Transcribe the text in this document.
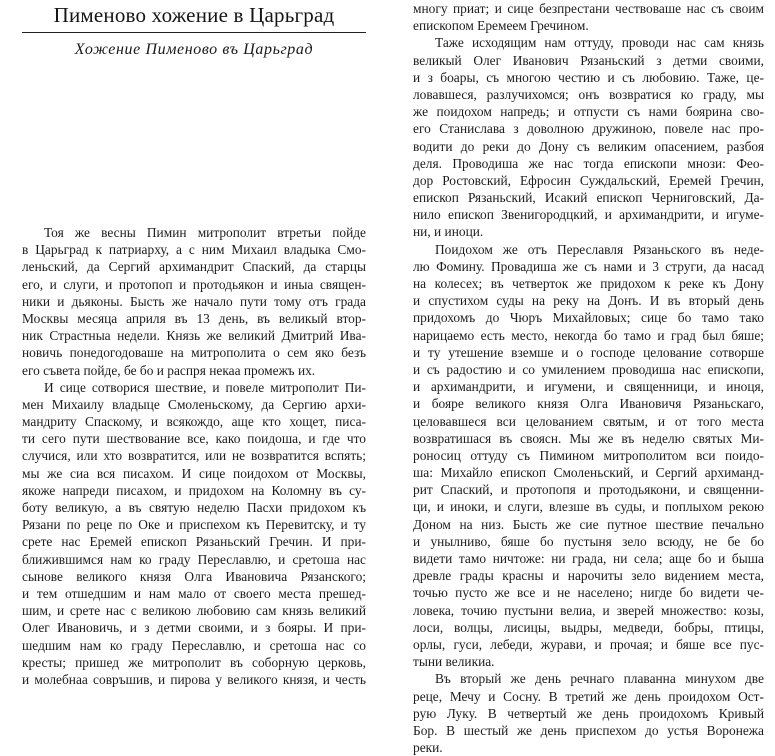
Пименово хожение в Царьград
Хожение Пименово въ Царьград
Тоя же весны Пимин митрополит втретьи пойде
в Царьград к патриарху, а с ним Михаил владыка Смо-
леньский, да Сергий архимандрит Спаский, да старцы
его, и слуги, и протопоп и протодьякон и иныа священ-
ники и дьяконы. Бысть же начало пути тому отъ града
Москвы месяца априля въ 13 день, въ великый втор-
ник Страстныа недели. Князь же великий Дмитрий Ива-
новичь понедогодоваше на митрополита о сем яко безъ
его съвета пойде, бе бо и распря некаа промежъ их.
И сице сотворися шествие, и повеле митрополит Пи-
мен Михаилу владыце Смоленьскому, да Сергию архи-
мандриту Спаскому, и всякождо, аще кто хощет, писа-
ти сего пути шествование все, како поидоша, и где что
случися, или хто возвратится, или не возвратится вспять;
мы же сиа вся писахом. И сице поидохом от Москвы,
якоже напреди писахом, и придохом на Коломну въ су-
боту великую, а въ святую неделю Пасхи придохом къ
Рязани по реце по Оке и приспехом къ Перевитску, и ту
срете нас Еремей епископ Рязаньский Гречин. И при-
ближившимся нам ко граду Переславлю, и сретоша нас
сынове великого князя Олга Ивановича Рязанского;
и тем отшедшим и нам мало от своего места прешед-
шим, и срете нас с великою любовию сам князь великий
Олег Ивановичь, и з детми своими, и з бояры. И при-
шедшим нам ко граду Переславлю, и сретоша нас со
кресты; пришед же митрополит въ соборную церковь,
и молебнаа совръшив, и пирова у великого князя, и честь
многу приат; и сице безпрестани чествоваше нас съ своим
епископом Еремеем Гречином.
Таже исходящим нам оттуду, проводи нас сам князь
великый Олег Иванович Рязаньский з детми своими,
и з боары, съ многою честию и съ любовию. Таже, це-
ловавшеся, разлучихомся; онъ возвратися ко граду, мы
же поидохом напредь; и отпусти съ нами боярина сво-
его Станислава з доволною дружиною, повеле нас про-
водити до реки до Дону съ великим опасением, разбоя
деля. Проводиша же нас тогда епископи мнози: Фео-
дор Ростовский, Ефросин Суждальский, Еремей Гречин,
епископ Рязаньский, Исакий епископ Черниговский, Да-
нило епископ Звенигородцкий, и архимандрити, и игуме-
ни, и иноци.
Поидохом же отъ Переславля Рязаньского въ неде-
лю Фомину. Провадиша же съ нами и 3 струги, да насад
на колесех; въ четверток же придохом к реке къ Дону
и спустихом суды на реку на Донъ. И въ вторый день
придохомъ до Чюръ Михайловых; сице бо тамо тако
нарицаемо есть место, некогда бо тамо и град был бяше;
и ту утешение вземше и о господе целование сотворше
и съ радостию и со умилением проводиша нас епископи,
и архимандрити, и игумени, и священници, и иноця,
и бояре великого князя Олга Ивановичя Рязаньскаго,
целовавшеся вси целованием святым, и от того места
возвратишася въ своясн. Мы же въ неделю святых Ми-
роносиц оттуду съ Пимином митрополитом вси поидо-
ша: Михайло епископ Смоленьский, и Сергий архиманд-
рит Спаский, и протопопя и протодьякони, и священни-
ци, и иноки, и слуги, влезше въ суды, и поплыхом рекою
Доном на низ. Бысть же сие путное шествие печально
и унылниво, бяше бо пустыня зело всюду, не бе бо
видети тамо ничтоже: ни града, ни села; аще бо и быша
древле грады красны и нарочиты зело видением места,
точью пусто же все и не населено; нигде бо видети че-
ловека, точию пустыни велиа, и зверей множество: козы,
лоси, волцы, лисицы, выдры, медведи, бобры, птицы,
орлы, гуси, лебеди, журави, и прочая; и бяше все пус-
тыни великиа.
Въ вторый же день речнаго плаванна минухом две
реце, Мечу и Сосну. В третий же день проидохом Ост-
рую Луку. В четвертый же день проидохомъ Кривый
Бор. В шестый же день приспехом до устья Воронежа
реки.
